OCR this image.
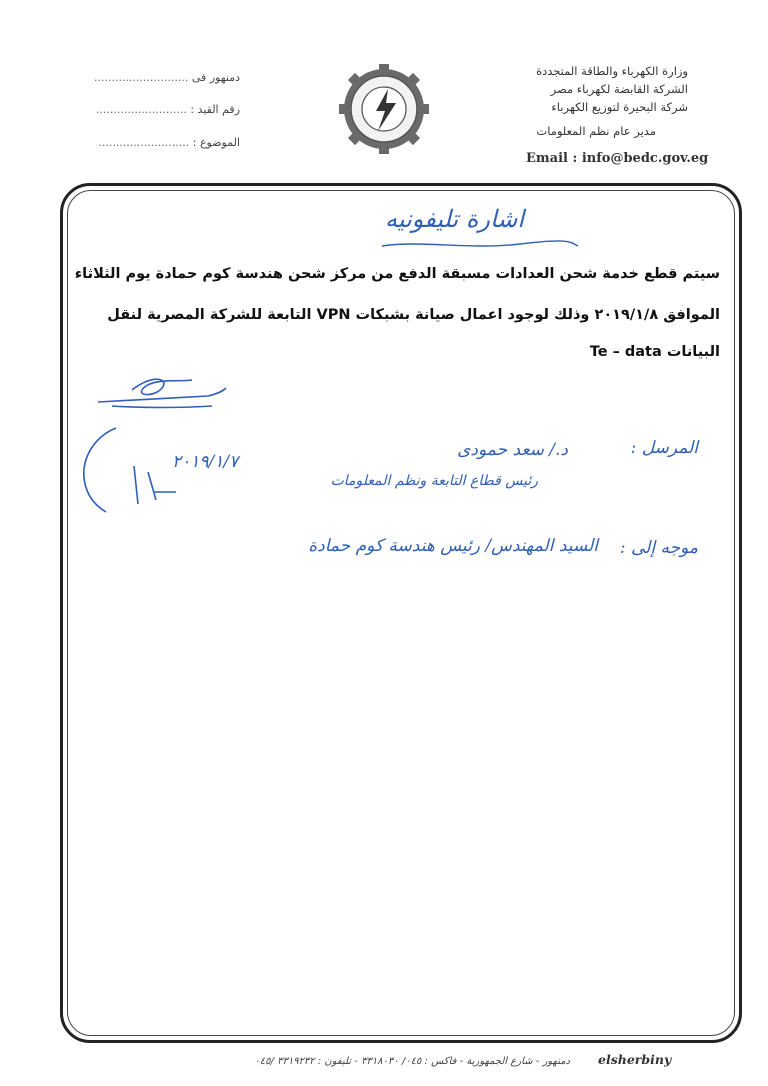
وزارة الكهرباء والطاقة المتجددة
الشركة القابضة لكهرباء مصر
شركة البحيرة لتوزيع الكهرباء
مدير عام نظم المعلومات
Email : info@bedc.gov.eg
دمنهور فى ...........................
رقم القيد : ..........................
الموضوع : ..........................
اشارة تليفونيه
سيتم قطع خدمة شحن العدادات مسبقة الدفع من مركز شحن هندسة كوم حمادة يوم الثلاثاء
الموافق ٢٠١٩/١/٨ وذلك لوجود اعمال صيانة بشبكات VPN التابعة للشركة المصرية لنقل
البيانات Te – data
المرسل :
د./ سعد حمودى
رئيس قطاع التابعة ونظم المعلومات
٢٠١٩/١/٧
موجه إلى :
السيد المهندس/ رئيس هندسة كوم حمادة
دمنهور - شارع الجمهورية - فاكس : ٠٤٥/ ٣٣١٨٠٣٠ - تليفون : ٣٣١٩٢٣٢ /٠٤٥ elsherbiny
